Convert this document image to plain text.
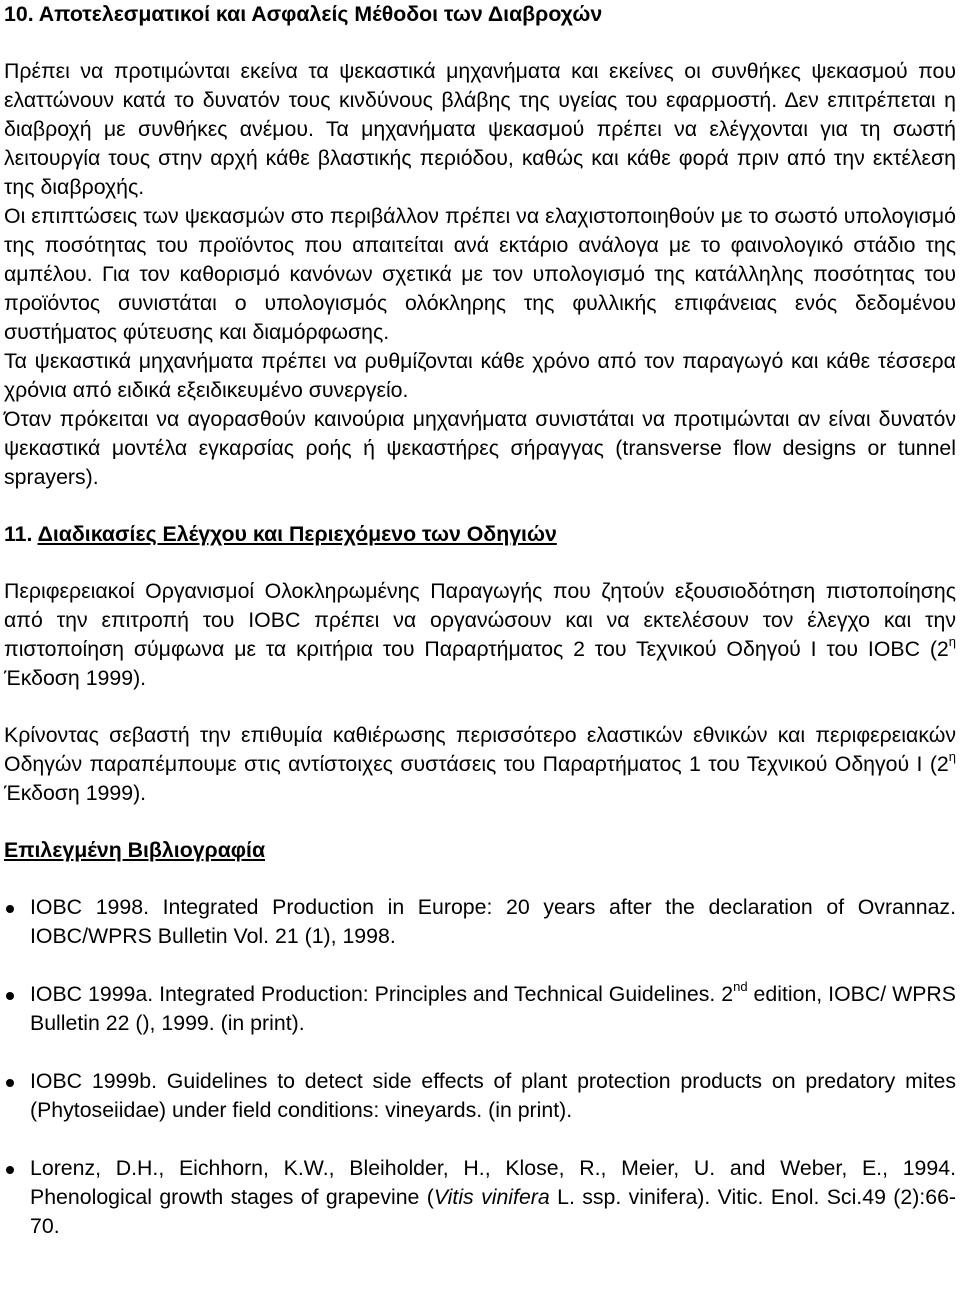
10. Αποτελεσματικοί και Ασφαλείς Μέθοδοι των Διαβροχών

Πρέπει να προτιμώνται εκείνα τα ψεκαστικά μηχανήματα και εκείνες οι συνθήκες ψεκασμού που ελαττώνουν κατά το δυνατόν τους κινδύνους βλάβης της υγείας του εφαρμοστή. Δεν επιτρέπεται η διαβροχή με συνθήκες ανέμου. Τα μηχανήματα ψεκασμού πρέπει να ελέγχονται για τη σωστή λειτουργία τους στην αρχή κάθε βλαστικής περιόδου, καθώς και κάθε φορά πριν από την εκτέλεση της διαβροχής.

Οι επιπτώσεις των ψεκασμών στο περιβάλλον πρέπει να ελαχιστοποιηθούν με το σωστό υπολογισμό της ποσότητας του προϊόντος που απαιτείται ανά εκτάριο ανάλογα με το φαινολογικό στάδιο της αμπέλου. Για τον καθορισμό κανόνων σχετικά με τον υπολογισμό της κατάλληλης ποσότητας του προϊόντος συνιστάται ο υπολογισμός ολόκληρης της φυλλικής επιφάνειας ενός δεδομένου συστήματος φύτευσης και διαμόρφωσης.

Τα ψεκαστικά μηχανήματα πρέπει να ρυθμίζονται κάθε χρόνο από τον παραγωγό και κάθε τέσσερα χρόνια από ειδικά εξειδικευμένο συνεργείο.

Όταν πρόκειται να αγορασθούν καινούρια μηχανήματα συνιστάται να προτιμώνται αν είναι δυνατόν ψεκαστικά μοντέλα εγκαρσίας ροής ή ψεκαστήρες σήραγγας (transverse flow designs or tunnel sprayers).

11. Διαδικασίες Ελέγχου και Περιεχόμενο των Οδηγιών

Περιφερειακοί Οργανισμοί Ολοκληρωμένης Παραγωγής που ζητούν εξουσιοδότηση πιστοποίησης από την επιτροπή του IOBC πρέπει να οργανώσουν και να εκτελέσουν τον έλεγχο και την πιστοποίηση σύμφωνα με τα κριτήρια του Παραρτήματος 2 του Τεχνικού Οδηγού I του IOBC ($2^\eta$ Έκδοση 1999).

Κρίνοντας σεβαστή την επιθυμία καθιέρωσης περισσότερο ελαστικών εθνικών και περιφερειακών Οδηγών παραπέμπουμε στις αντίστοιχες συστάσεις του Παραρτήματος 1 του Τεχνικού Οδηγού I ($2^\eta$ Έκδοση 1999).

Επιλεγμένη Βιβλιογραφία
IOBC 1998. Integrated Production in Europe: 20 years after the declaration of Ovrannaz. IOBC/WPRS Bulletin Vol. 21 (1), 1998.
IOBC 1999a. Integrated Production: Principles and Technical Guidelines. 2nd edition, IOBC/ WPRS Bulletin 22 (), 1999. (in print).
IOBC 1999b. Guidelines to detect side effects of plant protection products on predatory mites (Phytoseiidae) under field conditions: vineyards. (in print).
Lorenz, D.H., Eichhorn, K.W., Bleiholder, H., Klose, R., Meier, U. and Weber, E., 1994. Phenological growth stages of grapevine (Vitis vinifera L. ssp. vinifera). Vitic. Enol. Sci.49 (2):66-70.
